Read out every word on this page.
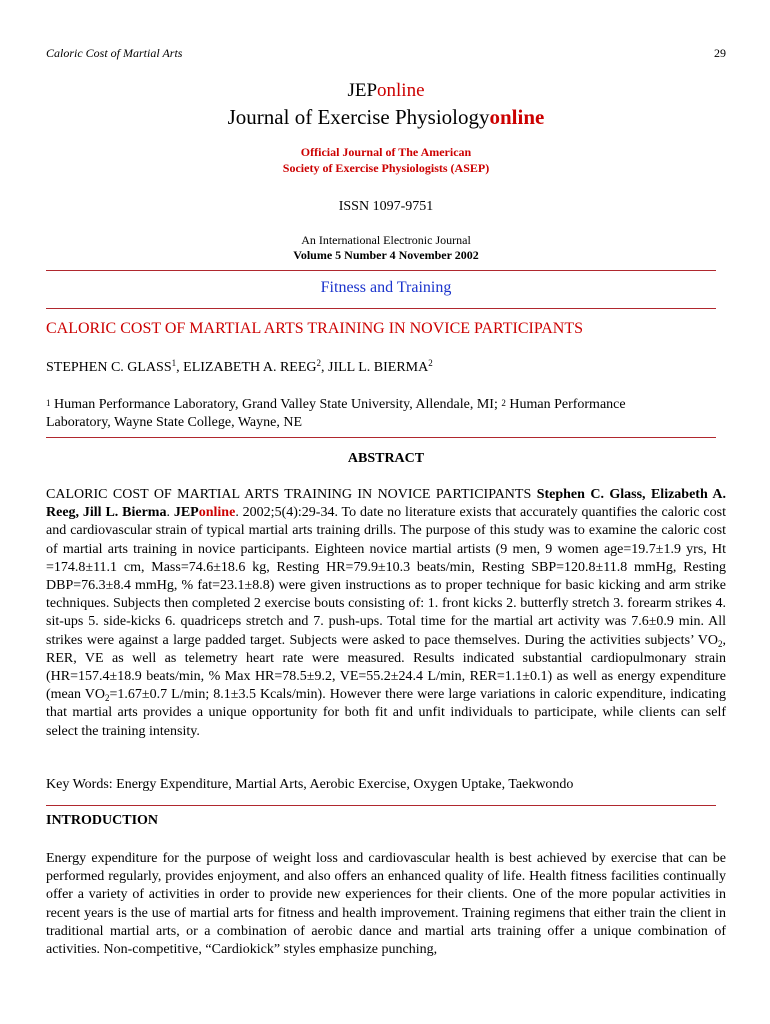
Caloric Cost of Martial Arts	29
JEPonline
Journal of Exercise Physiologyonline
Official Journal of The American
Society of Exercise Physiologists (ASEP)
ISSN 1097-9751
An International Electronic Journal
Volume 5 Number 4 November 2002
Fitness and Training
CALORIC COST OF MARTIAL ARTS TRAINING IN NOVICE PARTICIPANTS
STEPHEN C. GLASS$^1$, ELIZABETH A. REEG$^2$, JILL L. BIERMA$^2$
$^1$ Human Performance Laboratory, Grand Valley State University, Allendale, MI; $^2$ Human Performance Laboratory, Wayne State College, Wayne, NE
ABSTRACT
CALORIC COST OF MARTIAL ARTS TRAINING IN NOVICE PARTICIPANTS Stephen C. Glass, Elizabeth A. Reeg, Jill L. Bierma. JEPonline. 2002;5(4):29-34. To date no literature exists that accurately quantifies the caloric cost and cardiovascular strain of typical martial arts training drills. The purpose of this study was to examine the caloric cost of martial arts training in novice participants. Eighteen novice martial artists (9 men, 9 women age=19.7±1.9 yrs, Ht =174.8±11.1 cm, Mass=74.6±18.6 kg, Resting HR=79.9±10.3 beats/min, Resting SBP=120.8±11.8 mmHg, Resting DBP=76.3±8.4 mmHg, % fat=23.1±8.8) were given instructions as to proper technique for basic kicking and arm strike techniques. Subjects then completed 2 exercise bouts consisting of: 1. front kicks 2. butterfly stretch 3. forearm strikes 4. sit-ups 5. side-kicks 6. quadriceps stretch and 7. push-ups. Total time for the martial art activity was 7.6±0.9 min. All strikes were against a large padded target. Subjects were asked to pace themselves. During the activities subjects’ $VO_2$, RER, VE as well as telemetry heart rate were measured. Results indicated substantial cardiopulmonary strain (HR=157.4±18.9 beats/min, % Max HR=78.5±9.2, VE=55.2±24.4 L/min, RER=1.1±0.1) as well as energy expenditure (mean $VO_2=1.67\pm 0.7$ L/min; 8.1±3.5 Kcals/min). However there were large variations in caloric expenditure, indicating that martial arts provides a unique opportunity for both fit and unfit individuals to participate, while clients can self select the training intensity.
Key Words: Energy Expenditure, Martial Arts, Aerobic Exercise, Oxygen Uptake, Taekwondo
INTRODUCTION
Energy expenditure for the purpose of weight loss and cardiovascular health is best achieved by exercise that can be performed regularly, provides enjoyment, and also offers an enhanced quality of life. Health fitness facilities continually offer a variety of activities in order to provide new experiences for their clients. One of the more popular activities in recent years is the use of martial arts for fitness and health improvement. Training regimens that either train the client in traditional martial arts, or a combination of aerobic dance and martial arts training offer a unique combination of activities. Non-competitive, “Cardiokick” styles emphasize punching,
